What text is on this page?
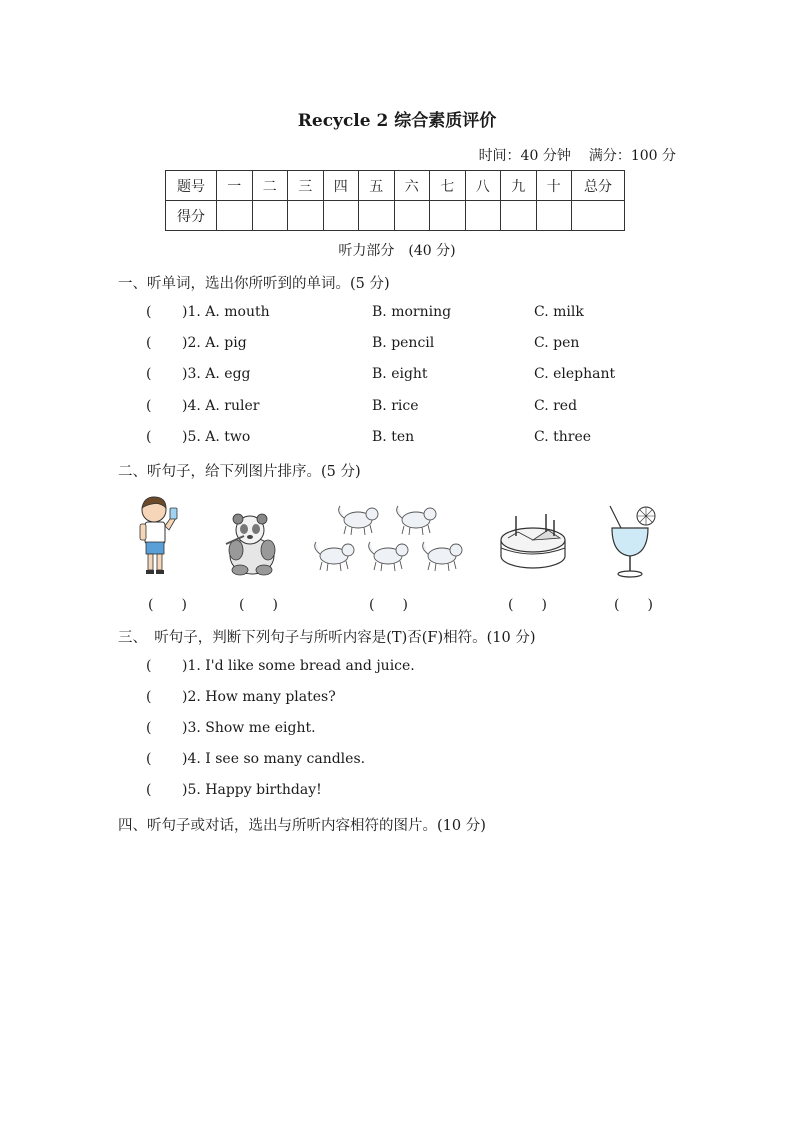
Recycle 2 综合素质评价
时间：40 分钟 满分：100 分
题号	一	二	三	四	五	六	七	八	九	十	总分
得分											
听力部分　(40 分)
一、听单词，选出你所听到的单词。(5 分)
( )1. A. mouth	B. morning	C. milk
( )2. A. pig	B. pencil	C. pen
( )3. A. egg	B. eight	C. elephant
( )4. A. ruler	B. rice	C. red
( )5. A. two	B. ten	C. three
二、听句子，给下列图片排序。(5 分)
(　　)	(　　)	(　　)	(　　)	(　　)
三、　听句子，判断下列句子与所听内容是(T)否(F)相符。(10 分)
( )1. I'd like some bread and juice.
( )2. How many plates?
( )3. Show me eight.
( )4. I see so many candles.
( )5. Happy birthday!
四、听句子或对话，选出与所听内容相符的图片。(10 分)
